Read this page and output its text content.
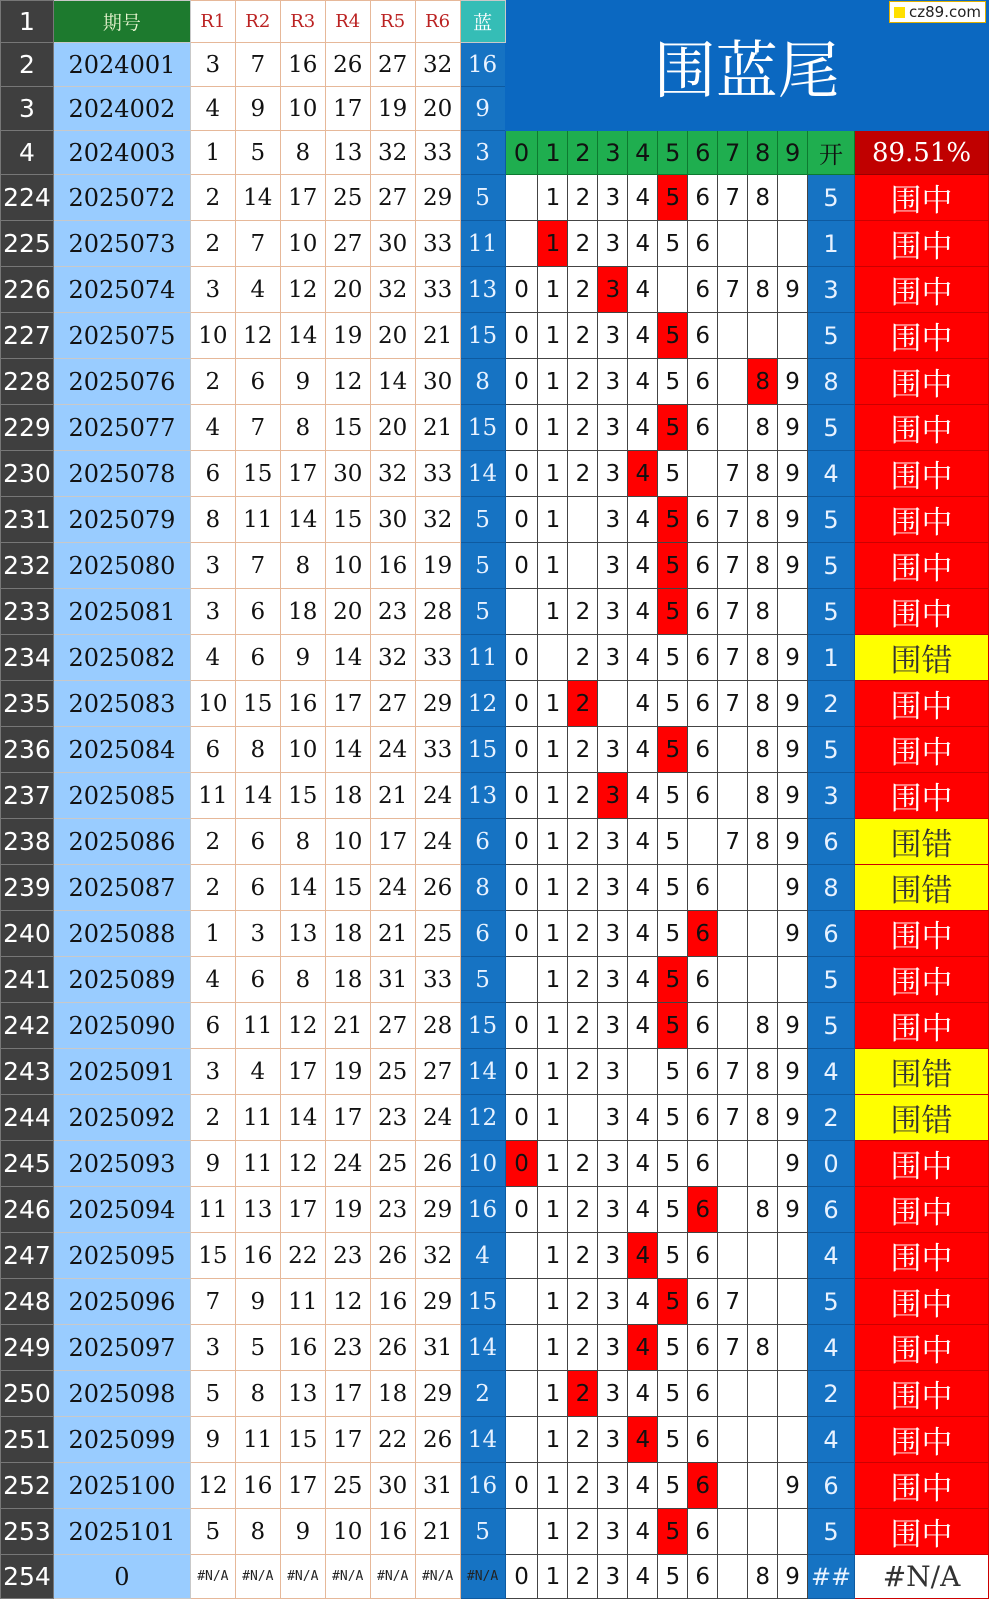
1	期号	R1	R2	R3	R4	R5	R6	蓝	围蓝尾											
2	2024001	3	7	16	26	27	32	16												
3	2024002	4	9	10	17	19	20	9												
4	2024003	1	5	8	13	32	33	3	0	1	2	3	4	5	6	7	8	9	开	89.51%
224	2025072	2	14	17	25	27	29	5		1	2	3	4	5	6	7	8		5	围中
225	2025073	2	7	10	27	30	33	11		1	2	3	4	5	6				1	围中
226	2025074	3	4	12	20	32	33	13	0	1	2	3	4		6	7	8	9	3	围中
227	2025075	10	12	14	19	20	21	15	0	1	2	3	4	5	6				5	围中
228	2025076	2	6	9	12	14	30	8	0	1	2	3	4	5	6		8	9	8	围中
229	2025077	4	7	8	15	20	21	15	0	1	2	3	4	5	6		8	9	5	围中
230	2025078	6	15	17	30	32	33	14	0	1	2	3	4	5		7	8	9	4	围中
231	2025079	8	11	14	15	30	32	5	0	1		3	4	5	6	7	8	9	5	围中
232	2025080	3	7	8	10	16	19	5	0	1		3	4	5	6	7	8	9	5	围中
233	2025081	3	6	18	20	23	28	5		1	2	3	4	5	6	7	8		5	围中
234	2025082	4	6	9	14	32	33	11	0		2	3	4	5	6	7	8	9	1	围错
235	2025083	10	15	16	17	27	29	12	0	1	2		4	5	6	7	8	9	2	围中
236	2025084	6	8	10	14	24	33	15	0	1	2	3	4	5	6		8	9	5	围中
237	2025085	11	14	15	18	21	24	13	0	1	2	3	4	5	6		8	9	3	围中
238	2025086	2	6	8	10	17	24	6	0	1	2	3	4	5		7	8	9	6	围错
239	2025087	2	6	14	15	24	26	8	0	1	2	3	4	5	6			9	8	围错
240	2025088	1	3	13	18	21	25	6	0	1	2	3	4	5	6			9	6	围中
241	2025089	4	6	8	18	31	33	5		1	2	3	4	5	6				5	围中
242	2025090	6	11	12	21	27	28	15	0	1	2	3	4	5	6		8	9	5	围中
243	2025091	3	4	17	19	25	27	14	0	1	2	3		5	6	7	8	9	4	围错
244	2025092	2	11	14	17	23	24	12	0	1		3	4	5	6	7	8	9	2	围错
245	2025093	9	11	12	24	25	26	10	0	1	2	3	4	5	6			9	0	围中
246	2025094	11	13	17	19	23	29	16	0	1	2	3	4	5	6		8	9	6	围中
247	2025095	15	16	22	23	26	32	4		1	2	3	4	5	6				4	围中
248	2025096	7	9	11	12	16	29	15		1	2	3	4	5	6	7			5	围中
249	2025097	3	5	16	23	26	31	14		1	2	3	4	5	6	7	8		4	围中
250	2025098	5	8	13	17	18	29	2		1	2	3	4	5	6				2	围中
251	2025099	9	11	15	17	22	26	14		1	2	3	4	5	6				4	围中
252	2025100	12	16	17	25	30	31	16	0	1	2	3	4	5	6			9	6	围中
253	2025101	5	8	9	10	16	21	5		1	2	3	4	5	6				5	围中
254	0	#N/A	#N/A	#N/A	#N/A	#N/A	#N/A	#N/A	0	1	2	3	4	5	6		8	9	##	#N/A
cz89.com
